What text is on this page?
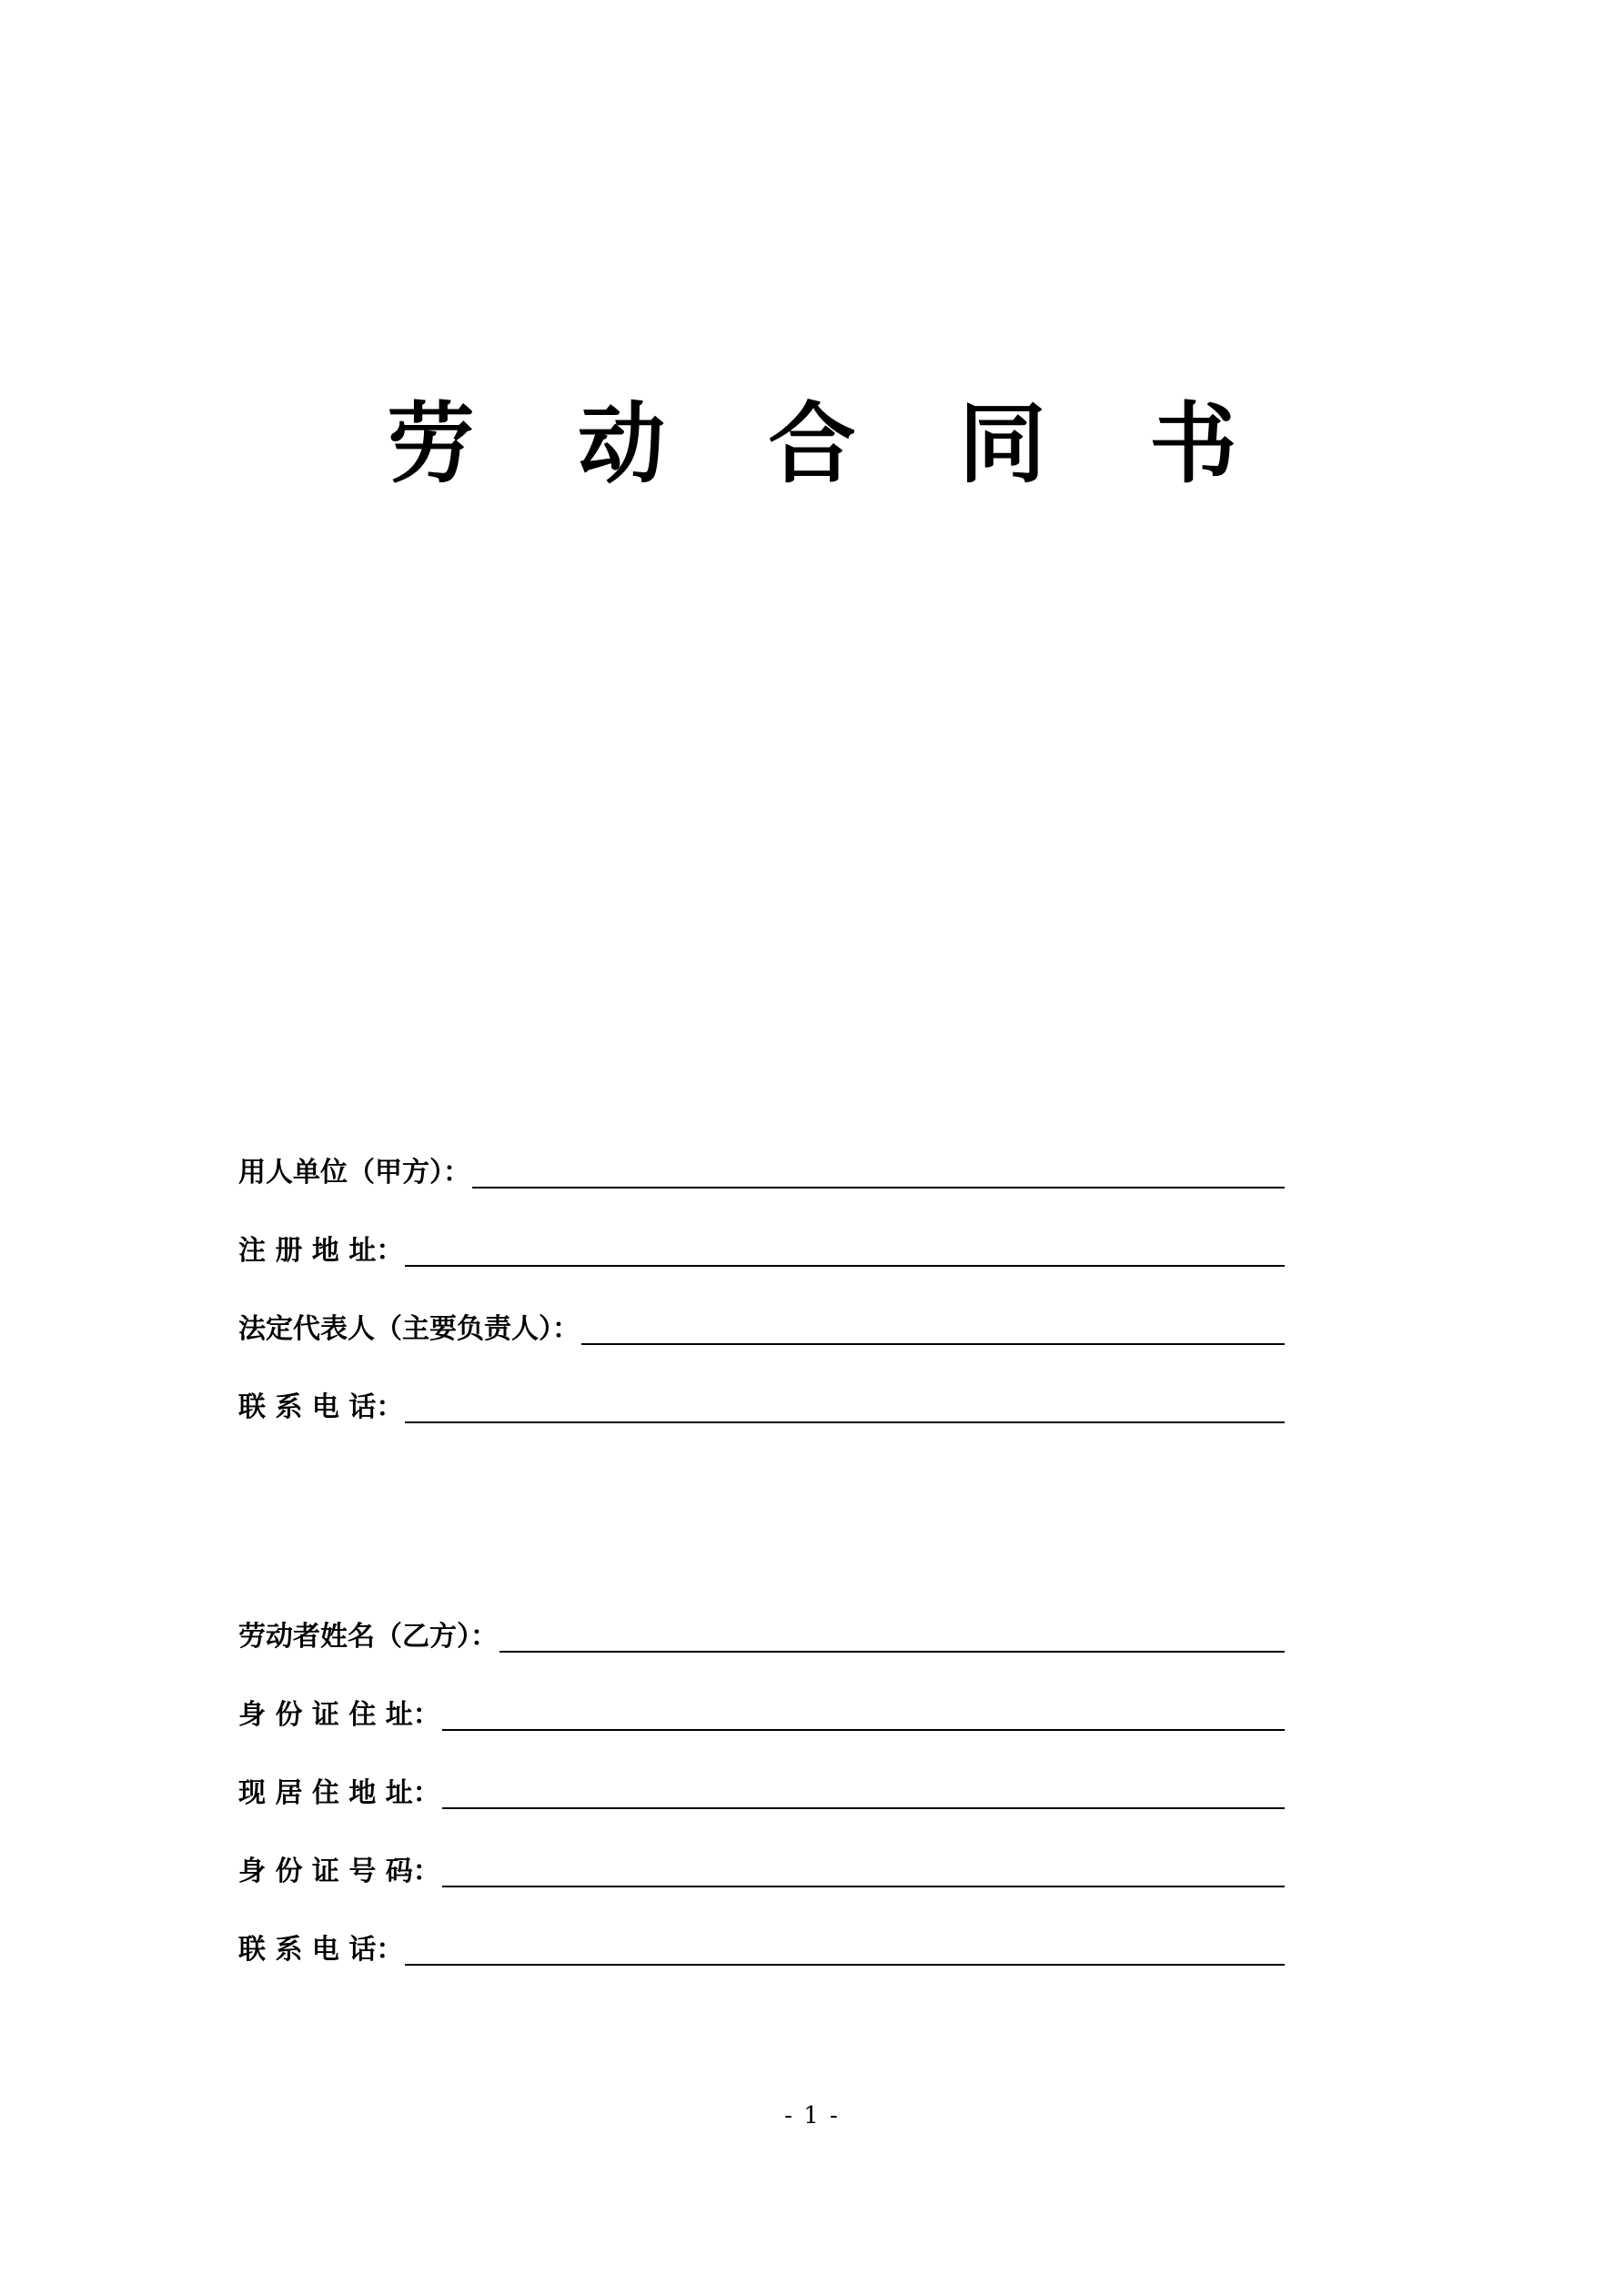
劳 动 合 同 书
用人单位（甲方）：
注 册 地 址：
法定代表人（主要负责人）：
联 系 电 话：
劳动者姓名（乙方）：
身 份 证 住 址：
现 居 住 地 址：
身 份 证 号 码：
联 系 电 话：
- 1 -
